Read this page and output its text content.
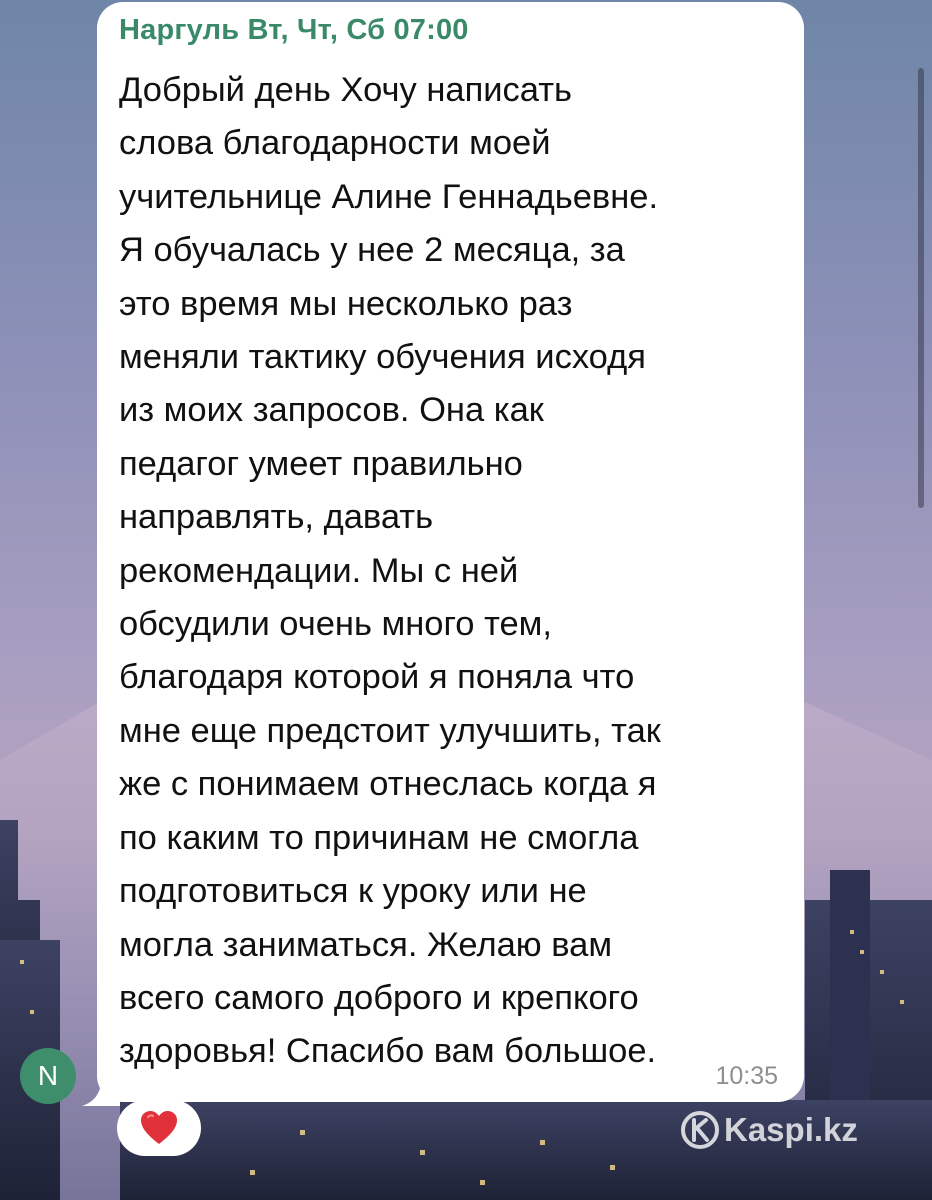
Наргуль Вт, Чт, Сб 07:00
Добрый день Хочу написать
слова благодарности моей
учительнице Алине Геннадьевне.
Я обучалась у нее 2 месяца, за
это время мы несколько раз
меняли тактику обучения исходя
из моих запросов. Она как
педагог умеет правильно
направлять, давать
рекомендации. Мы с ней
обсудили очень много тем,
благодаря которой я поняла что
мне еще предстоит улучшить, так
же с понимаем отнеслась когда я
по каким то причинам не смогла
подготовиться к уроку или не
могла заниматься. Желаю вам
всего самого доброго и крепкого
здоровья! Спасибо вам большое.
10:35
N
Kaspi.kz
